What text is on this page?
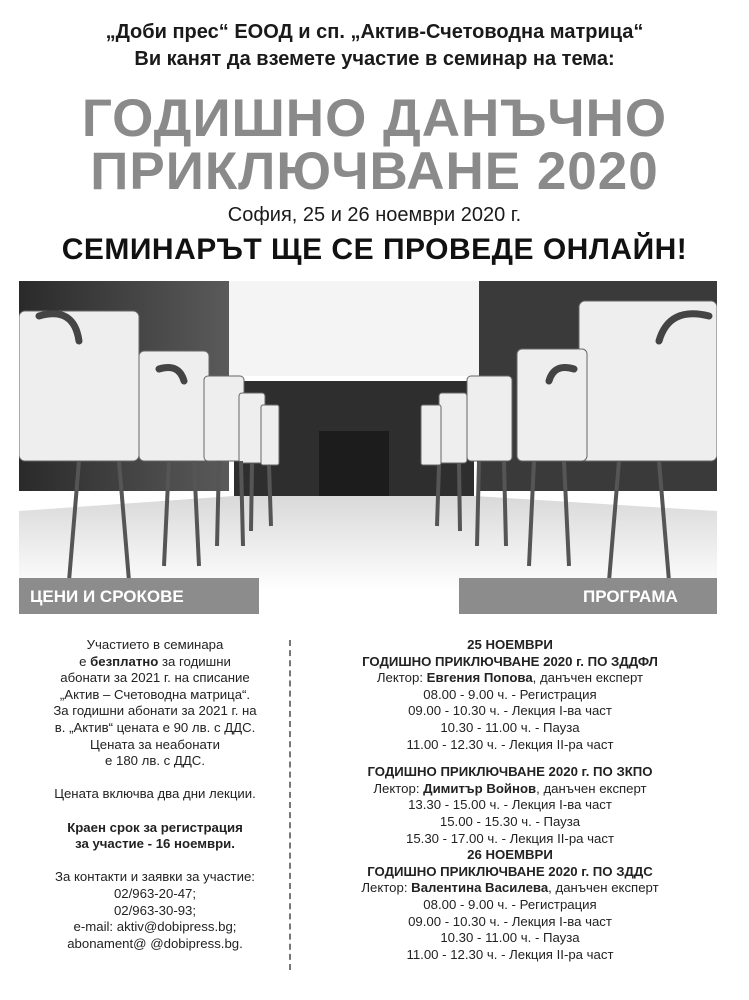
„Доби прес“ ЕООД и сп. „Актив-Счетоводна матрица“
Ви канят да вземете участие в семинар на тема:
ГОДИШНО ДАНЪЧНО
ПРИКЛЮЧВАНЕ 2020
София, 25 и 26 ноември 2020 г.
СЕМИНАРЪТ ЩЕ СЕ ПРОВЕДЕ ОНЛАЙН!
ЦЕНИ И СРОКОВЕ	ПРОГРАМА

Участието в семинара

е безплатно за годишни

абонати за 2021 г. на списание

„Актив – Счетоводна матрица“.

За годишни абонати за 2021 г. на

в. „Актив“ цената е 90 лв. с ДДС.

Цената за неабонати

е 180 лв. с ДДС.

Цената включва два дни лекции.

Краен срок за регистрация

за участие - 16 ноември.

За контакти и заявки за участие:

02/963-20-47;

02/963-30-93;

e-mail: aktiv@dobipress.bg;

abonament@ @dobipress.bg.

25 НОЕМВРИ
ГОДИШНО ПРИКЛЮЧВАНЕ 2020 г. ПО ЗДДФЛ
Лектор: Евгения Попова, данъчен експерт
08.00 - 9.00 ч. - Регистрация
09.00 - 10.30 ч. - Лекция I-ва част
10.30 - 11.00 ч. - Пауза
11.00 - 12.30 ч. - Лекция II-ра част
ГОДИШНО ПРИКЛЮЧВАНЕ 2020 г. ПО ЗКПО
Лектор: Димитър Войнов, данъчен експерт
13.30 - 15.00 ч. - Лекция I-ва част
15.00 - 15.30 ч. - Пауза
15.30 - 17.00 ч. - Лекция II-ра част
26 НОЕМВРИ
ГОДИШНО ПРИКЛЮЧВАНЕ 2020 г. ПО ЗДДС
Лектор: Валентина Василева, данъчен експерт
08.00 - 9.00 ч. - Регистрация
09.00 - 10.30 ч. - Лекция I-ва част
10.30 - 11.00 ч. - Пауза
11.00 - 12.30 ч. - Лекция II-ра част
